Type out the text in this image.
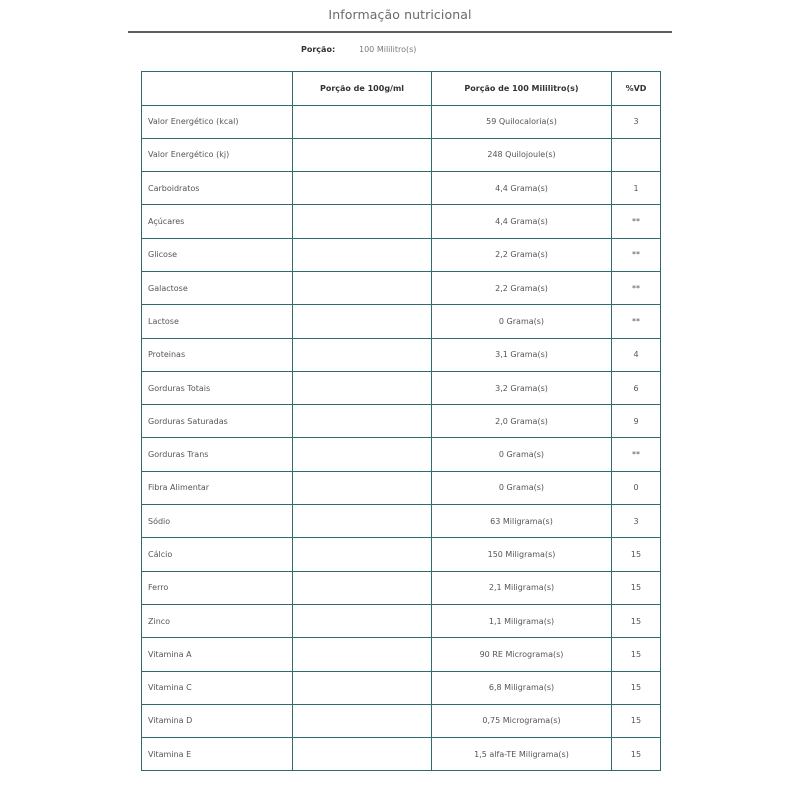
Informação nutricional
Porção:	100 Mililitro(s)
	Porção de 100g/ml	Porção de 100 Mililitro(s)	%VD
Valor Energético (kcal)		59 Quilocaloria(s)	3
Valor Energético (kj)		248 Quilojoule(s)	
Carboidratos		4,4 Grama(s)	1
Açúcares		4,4 Grama(s)	**
Glicose		2,2 Grama(s)	**
Galactose		2,2 Grama(s)	**
Lactose		0 Grama(s)	**
Proteinas		3,1 Grama(s)	4
Gorduras Totais		3,2 Grama(s)	6
Gorduras Saturadas		2,0 Grama(s)	9
Gorduras Trans		0 Grama(s)	**
Fibra Alimentar		0 Grama(s)	0
Sódio		63 Miligrama(s)	3
Cálcio		150 Miligrama(s)	15
Ferro		2,1 Miligrama(s)	15
Zinco		1,1 Miligrama(s)	15
Vitamina A		90 RE Micrograma(s)	15
Vitamina C		6,8 Miligrama(s)	15
Vitamina D		0,75 Micrograma(s)	15
Vitamina E		1,5 alfa-TE Miligrama(s)	15
